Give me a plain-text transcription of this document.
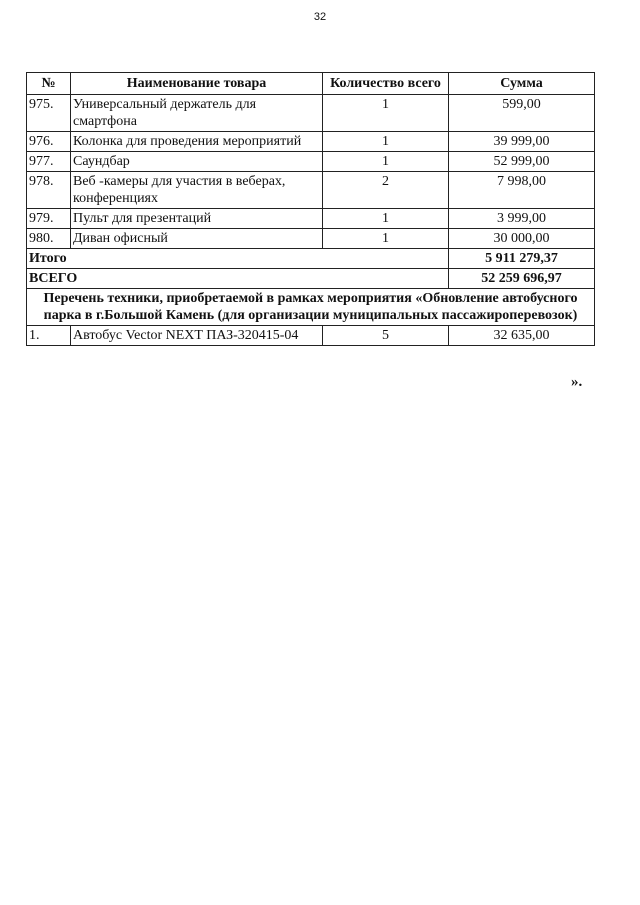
32
№	Наименование товара	Количество всего	Сумма
975.	Универсальный держатель для смартфона	1	599,00
976.	Колонка для проведения мероприятий	1	39 999,00
977.	Саундбар	1	52 999,00
978.	Веб -камеры для участия в веберах, конференциях	2	7 998,00
979.	Пульт для презентаций	1	3 999,00
980.	Диван офисный	1	30 000,00
Итого			5 911 279,37
ВСЕГО			52 259 696,97
Перечень техники, приобретаемой в рамках мероприятия «Обновление автобусного парка в г.Большой Камень (для организации муниципальных пассажироперевозок)			
1.	Автобус Vector NEXT ПАЗ-320415-04	5	32 635,00
».
